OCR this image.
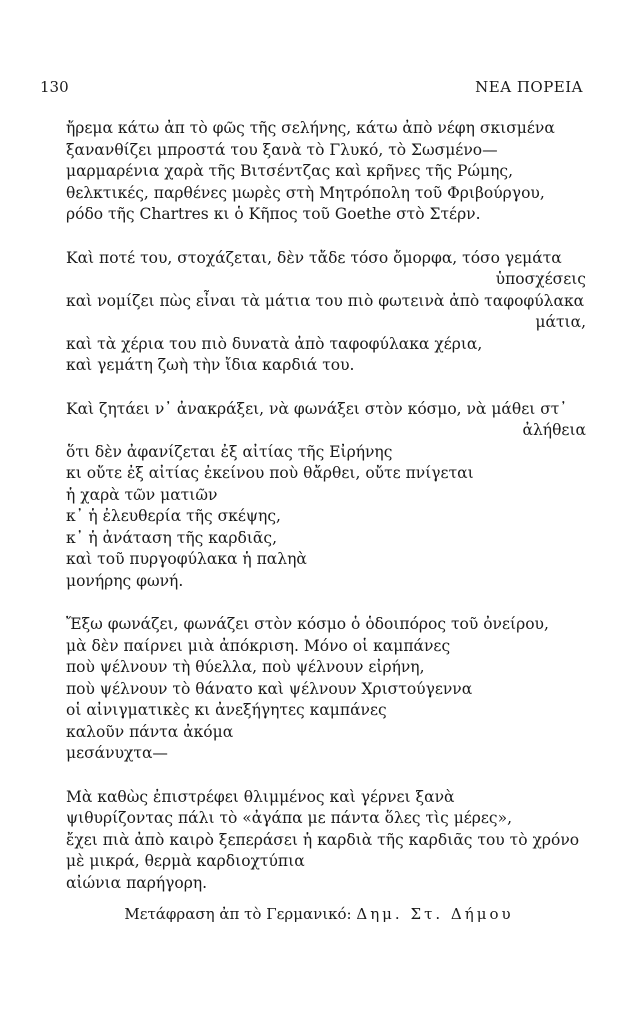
130	ΝΕΑ ΠΟΡΕΙΑ
ἤρεμα κάτω ἀπ τὸ φῶς τῆς σελήνης, κάτω ἀπὸ νέφη σκισμένα
ξανανθίζει μπροστά του ξανὰ τὸ Γλυκό, τὸ Σωσμένο—
μαρμαρένια χαρὰ τῆς Βιτσέντζας καὶ κρῆνες τῆς Ρώμης,
θελκτικές, παρθένες μωρὲς στὴ Μητρόπολη τοῦ Φριβούργου,
ρόδο τῆς Chartres κι ὁ Κῆπος τοῦ Goethe στὸ Στέρν.
Καὶ ποτέ του, στοχάζεται, δὲν τἄδε τόσο ὄμορφα, τόσο γεμάτα
ὑποσχέσεις
καὶ νομίζει πὼς εἶναι τὰ μάτια του πιὸ φωτεινὰ ἀπὸ ταφοφύλακα
μάτια,
καὶ τὰ χέρια του πιὸ δυνατὰ ἀπὸ ταφοφύλακα χέρια,
καὶ γεμάτη ζωὴ τὴν ἴδια καρδιά του.
Καὶ ζητάει ν᾿ ἀνακράξει, νὰ φωνάξει στὸν κόσμο, νὰ μάθει στ᾿
ἀλήθεια
ὅτι δὲν ἀφανίζεται ἐξ αἰτίας τῆς Εἰρήνης
κι οὔτε ἐξ αἰτίας ἐκείνου ποὺ θἄρθει, οὔτε πνίγεται
ἡ χαρὰ τῶν ματιῶν
κ᾿ ἡ ἐλευθερία τῆς σκέψης,
κ᾿ ἡ ἀνάταση τῆς καρδιᾶς,
καὶ τοῦ πυργοφύλακα ἡ παληὰ
μονήρης φωνή.
Ἔξω φωνάζει, φωνάζει στὸν κόσμο ὁ ὁδοιπόρος τοῦ ὀνείρου,
μὰ δὲν παίρνει μιὰ ἀπόκριση. Μόνο οἱ καμπάνες
ποὺ ψέλνουν τὴ θύελλα, ποὺ ψέλνουν εἰρήνη,
ποὺ ψέλνουν τὸ θάνατο καὶ ψέλνουν Χριστούγεννα
οἱ αἰνιγματικὲς κι ἀνεξήγητες καμπάνες
καλοῦν πάντα ἀκόμα
μεσάνυχτα—
Μὰ καθὼς ἐπιστρέφει θλιμμένος καὶ γέρνει ξανὰ
ψιθυρίζοντας πάλι τὸ «ἀγάπα με πάντα ὅλες τὶς μέρες»,
ἔχει πιὰ ἀπὸ καιρὸ ξεπεράσει ἡ καρδιὰ τῆς καρδιᾶς του τὸ χρόνο
μὲ μικρά, θερμὰ καρδιοχτύπια
αἰώνια παρήγορη.
Μετάφραση ἀπ τὸ Γερμανικό: Δημ. Στ. Δήμου
